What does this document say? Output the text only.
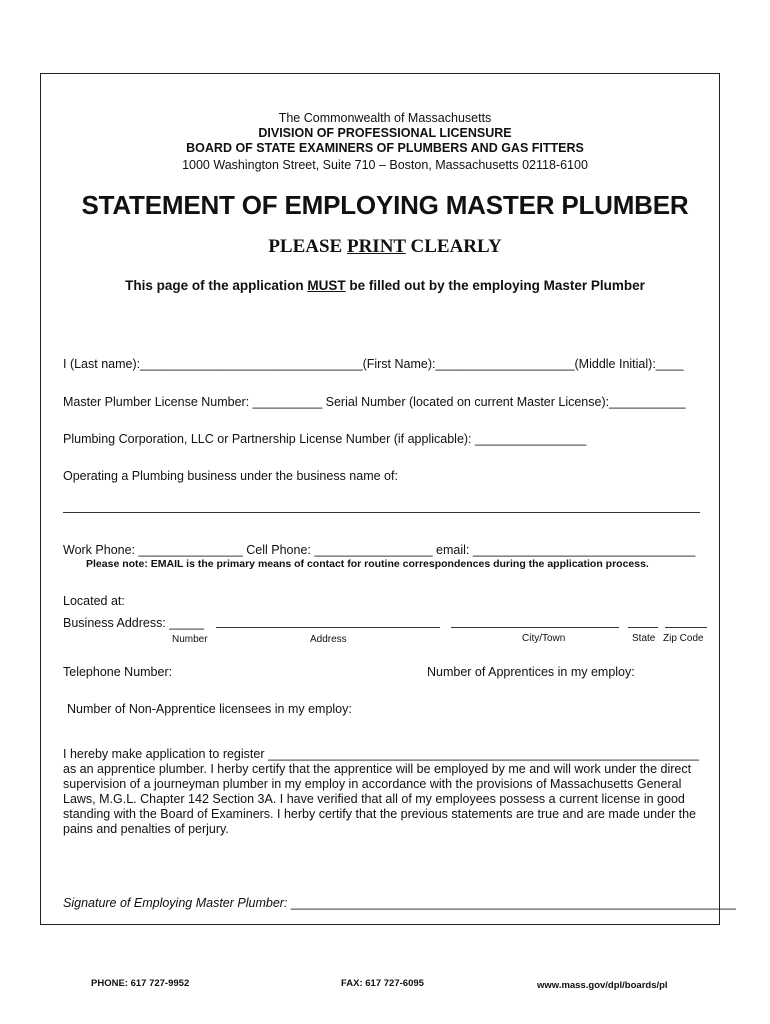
The Commonwealth of Massachusetts
DIVISION OF PROFESSIONAL LICENSURE
BOARD OF STATE EXAMINERS OF PLUMBERS AND GAS FITTERS
1000 Washington Street, Suite 710 – Boston, Massachusetts 02118-6100
STATEMENT OF EMPLOYING MASTER PLUMBER
PLEASE PRINT CLEARLY
This page of the application MUST be filled out by the employing Master Plumber
I (Last name):________________________________(First Name):____________________(Middle Initial):____
Master Plumber License Number: __________ Serial Number (located on current Master License):___________
Plumbing Corporation, LLC or Partnership License Number (if applicable): ________________
Operating a Plumbing business under the business name of:
Work Phone: _______________ Cell Phone: _________________ email: ________________________________
Please note: EMAIL is the primary means of contact for routine correspondences during the application process.
Located at:
Business Address: _____
Number	Address	City/Town	State Zip Code
Telephone Number:	Number of Apprentices in my employ:
Number of Non-Apprentice licensees in my employ:
I hereby make application to register ______________________________________________________________
as an apprentice plumber. I herby certify that the apprentice will be employed by me and will work under the direct supervision of a journeyman plumber in my employ in accordance with the provisions of Massachusetts General Laws, M.G.L. Chapter 142 Section 3A. I have verified that all of my employees possess a current license in good standing with the Board of Examiners. I herby certify that the previous statements are true and are made under the pains and penalties of perjury.
Signature of Employing Master Plumber: ________________________________________________________________
PHONE: 617 727-9952	FAX: 617 727-6095	www.mass.gov/dpl/boards/pl
